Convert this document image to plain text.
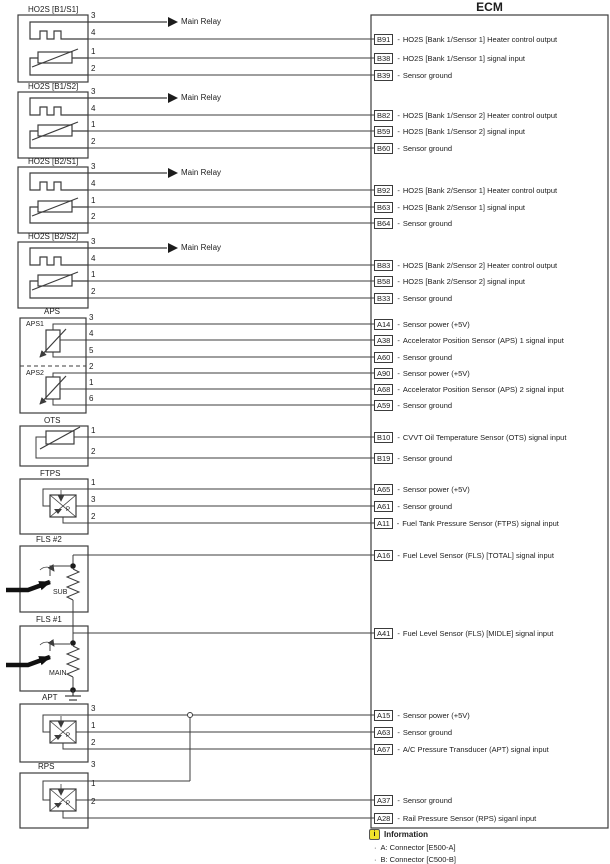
P
P
P
ECM
i	Information
· A: Connector [E500-A]
· B: Connector [C500-B]
B91 - HO2S [Bank 1/Sensor 1] Heater control output
B38 - HO2S [Bank 1/Sensor 1] signal input
B39 - Sensor ground
B82 - HO2S [Bank 1/Sensor 2] Heater control output
B59 - HO2S [Bank 1/Sensor 2] signal input
B60 - Sensor ground
B92 - HO2S [Bank 2/Sensor 1] Heater control output
B63 - HO2S [Bank 2/Sensor 1] signal input
B64 - Sensor ground
B83 - HO2S [Bank 2/Sensor 2] Heater control output
B58 - HO2S [Bank 2/Sensor 2] signal input
B33 - Sensor ground
A14 - Sensor power (+5V)
A38 - Accelerator Position Sensor (APS) 1 signal input
A60 - Sensor ground
A90 - Sensor power (+5V)
A68 - Accelerator Position Sensor (APS) 2 signal input
A59 - Sensor ground
B10 - CVVT Oil Temperature Sensor (OTS) signal input
B19 - Sensor ground
A65 - Sensor power (+5V)
A61 - Sensor ground
A11 - Fuel Tank Pressure Sensor (FTPS) signal input
A16 - Fuel Level Sensor (FLS) [TOTAL] signal input
A41 - Fuel Level Sensor (FLS) [MIDLE] signal input
A15 - Sensor power (+5V)
A63 - Sensor ground
A67 - A/C Pressure Transducer (APT) signal input
A37 - Sensor ground
A28 - Rail Pressure Sensor (RPS) siganl input
HO2S [B1/S1]
HO2S [B1/S2]
HO2S [B2/S1]
HO2S [B2/S2]
APS
OTS
FTPS
FLS #2
FLS #1
APT
RPS
3
4
1
2
3
4
1
2
3
4
1
2
3
4
1
2
3
4
5
2
1
6
1
2
1
3
2
3
1
2
3
1
2
APS1
APS2
SUB
MAIN
Main Relay
Main Relay
Main Relay
Main Relay
